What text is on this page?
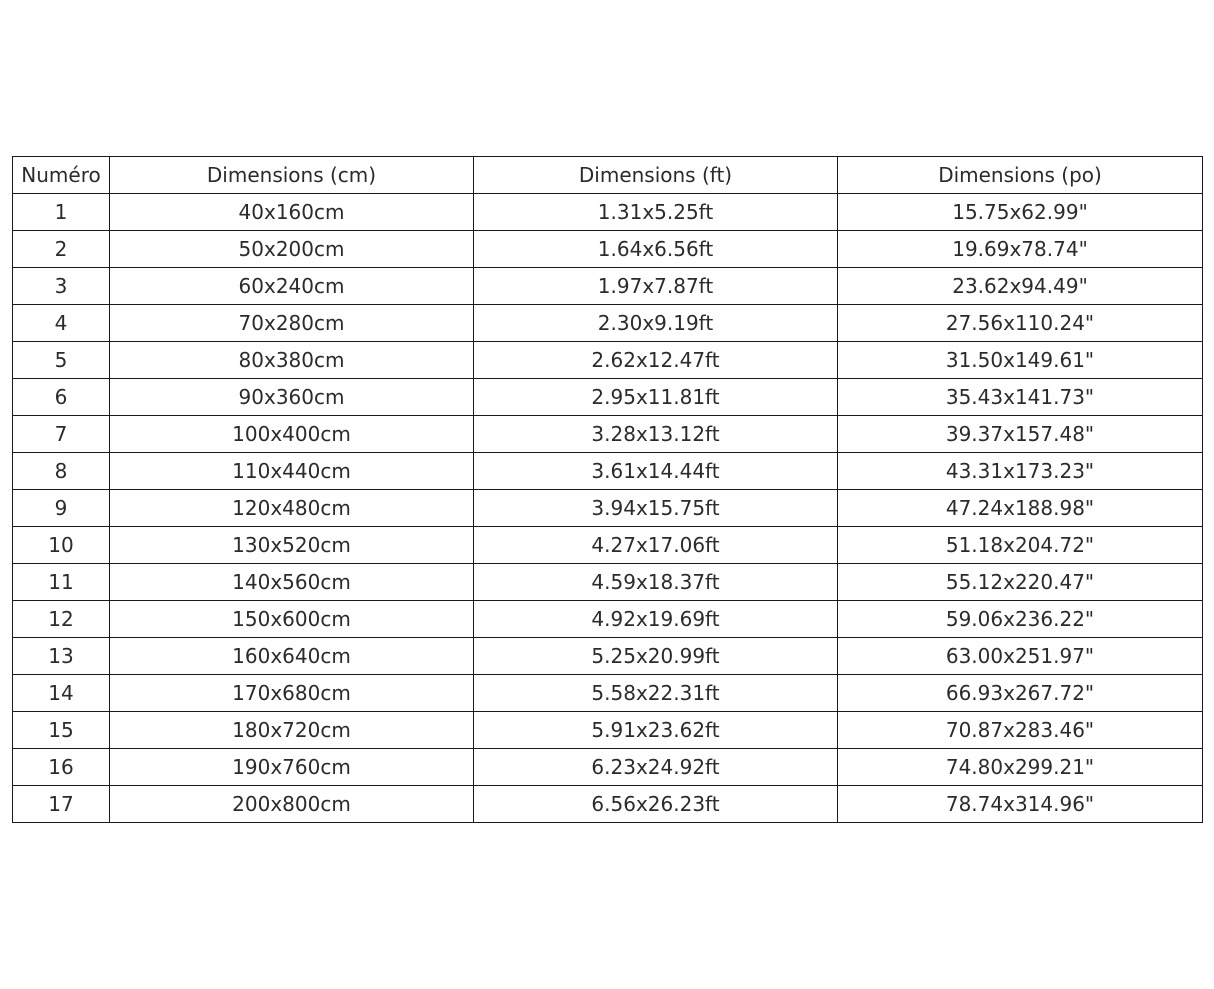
Numéro	Dimensions (cm)	Dimensions (ft)	Dimensions (po)
1	40x160cm	1.31x5.25ft	15.75x62.99"
2	50x200cm	1.64x6.56ft	19.69x78.74"
3	60x240cm	1.97x7.87ft	23.62x94.49"
4	70x280cm	2.30x9.19ft	27.56x110.24"
5	80x380cm	2.62x12.47ft	31.50x149.61"
6	90x360cm	2.95x11.81ft	35.43x141.73"
7	100x400cm	3.28x13.12ft	39.37x157.48"
8	110x440cm	3.61x14.44ft	43.31x173.23"
9	120x480cm	3.94x15.75ft	47.24x188.98"
10	130x520cm	4.27x17.06ft	51.18x204.72"
11	140x560cm	4.59x18.37ft	55.12x220.47"
12	150x600cm	4.92x19.69ft	59.06x236.22"
13	160x640cm	5.25x20.99ft	63.00x251.97"
14	170x680cm	5.58x22.31ft	66.93x267.72"
15	180x720cm	5.91x23.62ft	70.87x283.46"
16	190x760cm	6.23x24.92ft	74.80x299.21"
17	200x800cm	6.56x26.23ft	78.74x314.96"
